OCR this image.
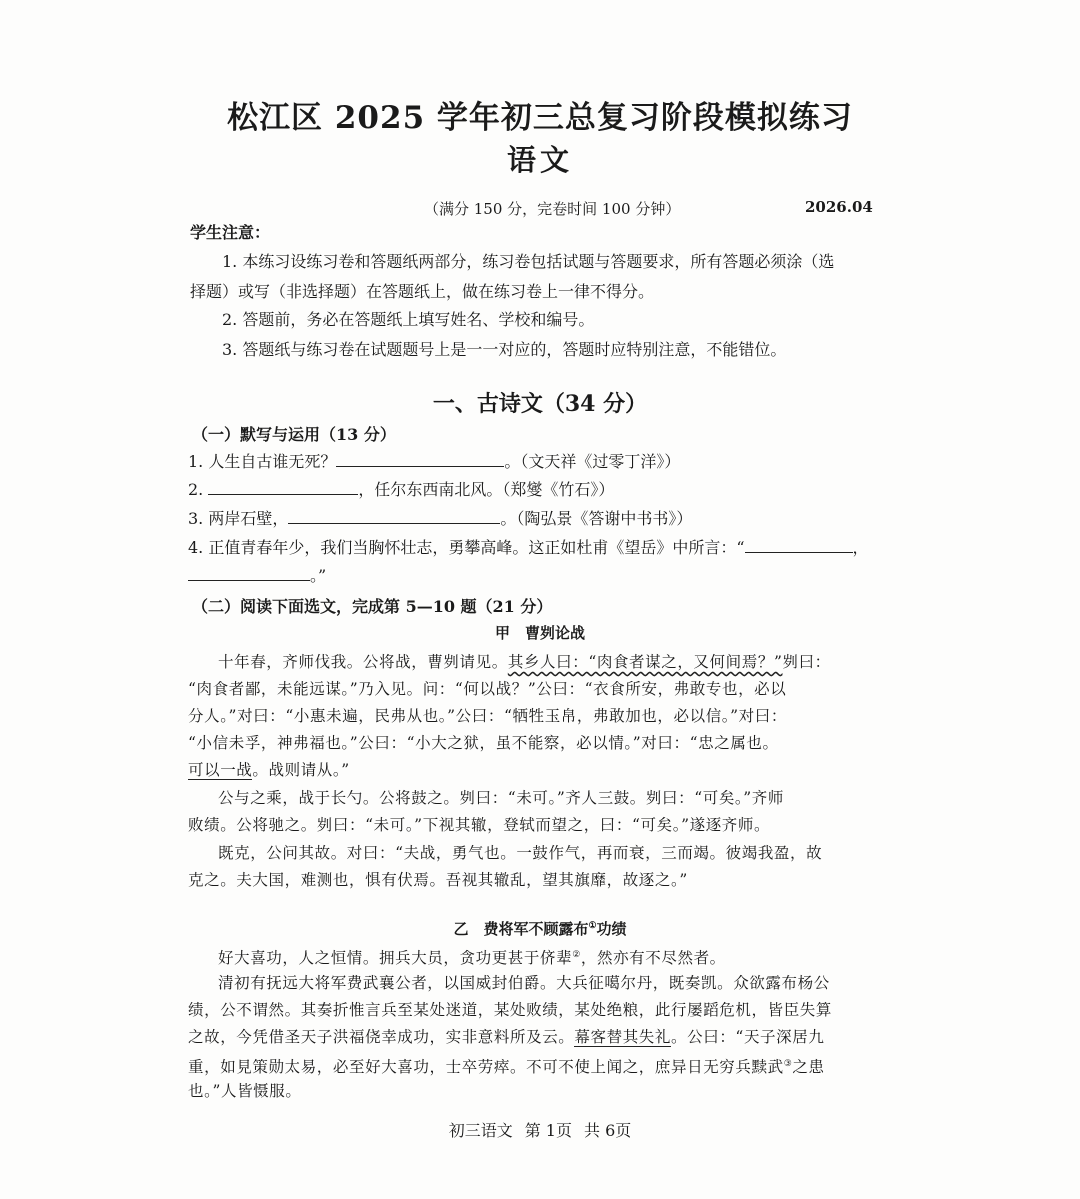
松江区 2025 学年初三总复习阶段模拟练习
语文
（满分 150 分，完卷时间 100 分钟）	2026.04
学生注意：
1. 本练习设练习卷和答题纸两部分，练习卷包括试题与答题要求，所有答题必须涂（选
择题）或写（非选择题）在答题纸上，做在练习卷上一律不得分。
2. 答题前，务必在答题纸上填写姓名、学校和编号。
3. 答题纸与练习卷在试题题号上是一一对应的，答题时应特别注意，不能错位。
一、古诗文（34 分）
（一）默写与运用（13 分）
1. 人生自古谁无死？	。（文天祥《过零丁洋》）
2.	，任尔东西南北风。（郑燮《竹石》）
3. 两岸石壁，	。（陶弘景《答谢中书书》）
4. 正值青春年少，我们当胸怀壮志，勇攀高峰。这正如杜甫《望岳》中所言：“	，
。”
（二）阅读下面选文，完成第 5—10 题（21 分）
甲　曹刿论战
十年春，齐师伐我。公将战，曹刿请见。其乡人曰：“肉食者谋之，又何间焉？”刿曰：
“肉食者鄙，未能远谋。”乃入见。问：“何以战？”公曰：“衣食所安，弗敢专也，必以
分人。”对曰：“小惠未遍，民弗从也。”公曰：“牺牲玉帛，弗敢加也，必以信。”对曰：
“小信未孚，神弗福也。”公曰：“小大之狱，虽不能察，必以情。”对曰：“忠之属也。
可以一战。战则请从。”
公与之乘，战于长勺。公将鼓之。刿曰：“未可。”齐人三鼓。刿曰：“可矣。”齐师
败绩。公将驰之。刿曰：“未可。”下视其辙，登轼而望之，曰：“可矣。”遂逐齐师。
既克，公问其故。对曰：“夫战，勇气也。一鼓作气，再而衰，三而竭。彼竭我盈，故
克之。夫大国，难测也，惧有伏焉。吾视其辙乱，望其旗靡，故逐之。”
乙　费将军不顾露布①功绩
好大喜功，人之恒情。拥兵大员，贪功更甚于侪辈②，然亦有不尽然者。
清初有抚远大将军费武襄公者，以国威封伯爵。大兵征噶尔丹，既奏凯。众欲露布杨公
绩，公不谓然。其奏折惟言兵至某处迷道，某处败绩，某处绝粮，此行屡蹈危机，皆臣失算
之故，今凭借圣天子洪福侥幸成功，实非意料所及云。幕客替其失礼。公曰：“天子深居九
重，如見策勋太易，必至好大喜功，士卒劳瘁。不可不使上闻之，庶异日无穷兵黩武③之患
也。”人皆慑服。
初三语文 第 1页 共 6页
